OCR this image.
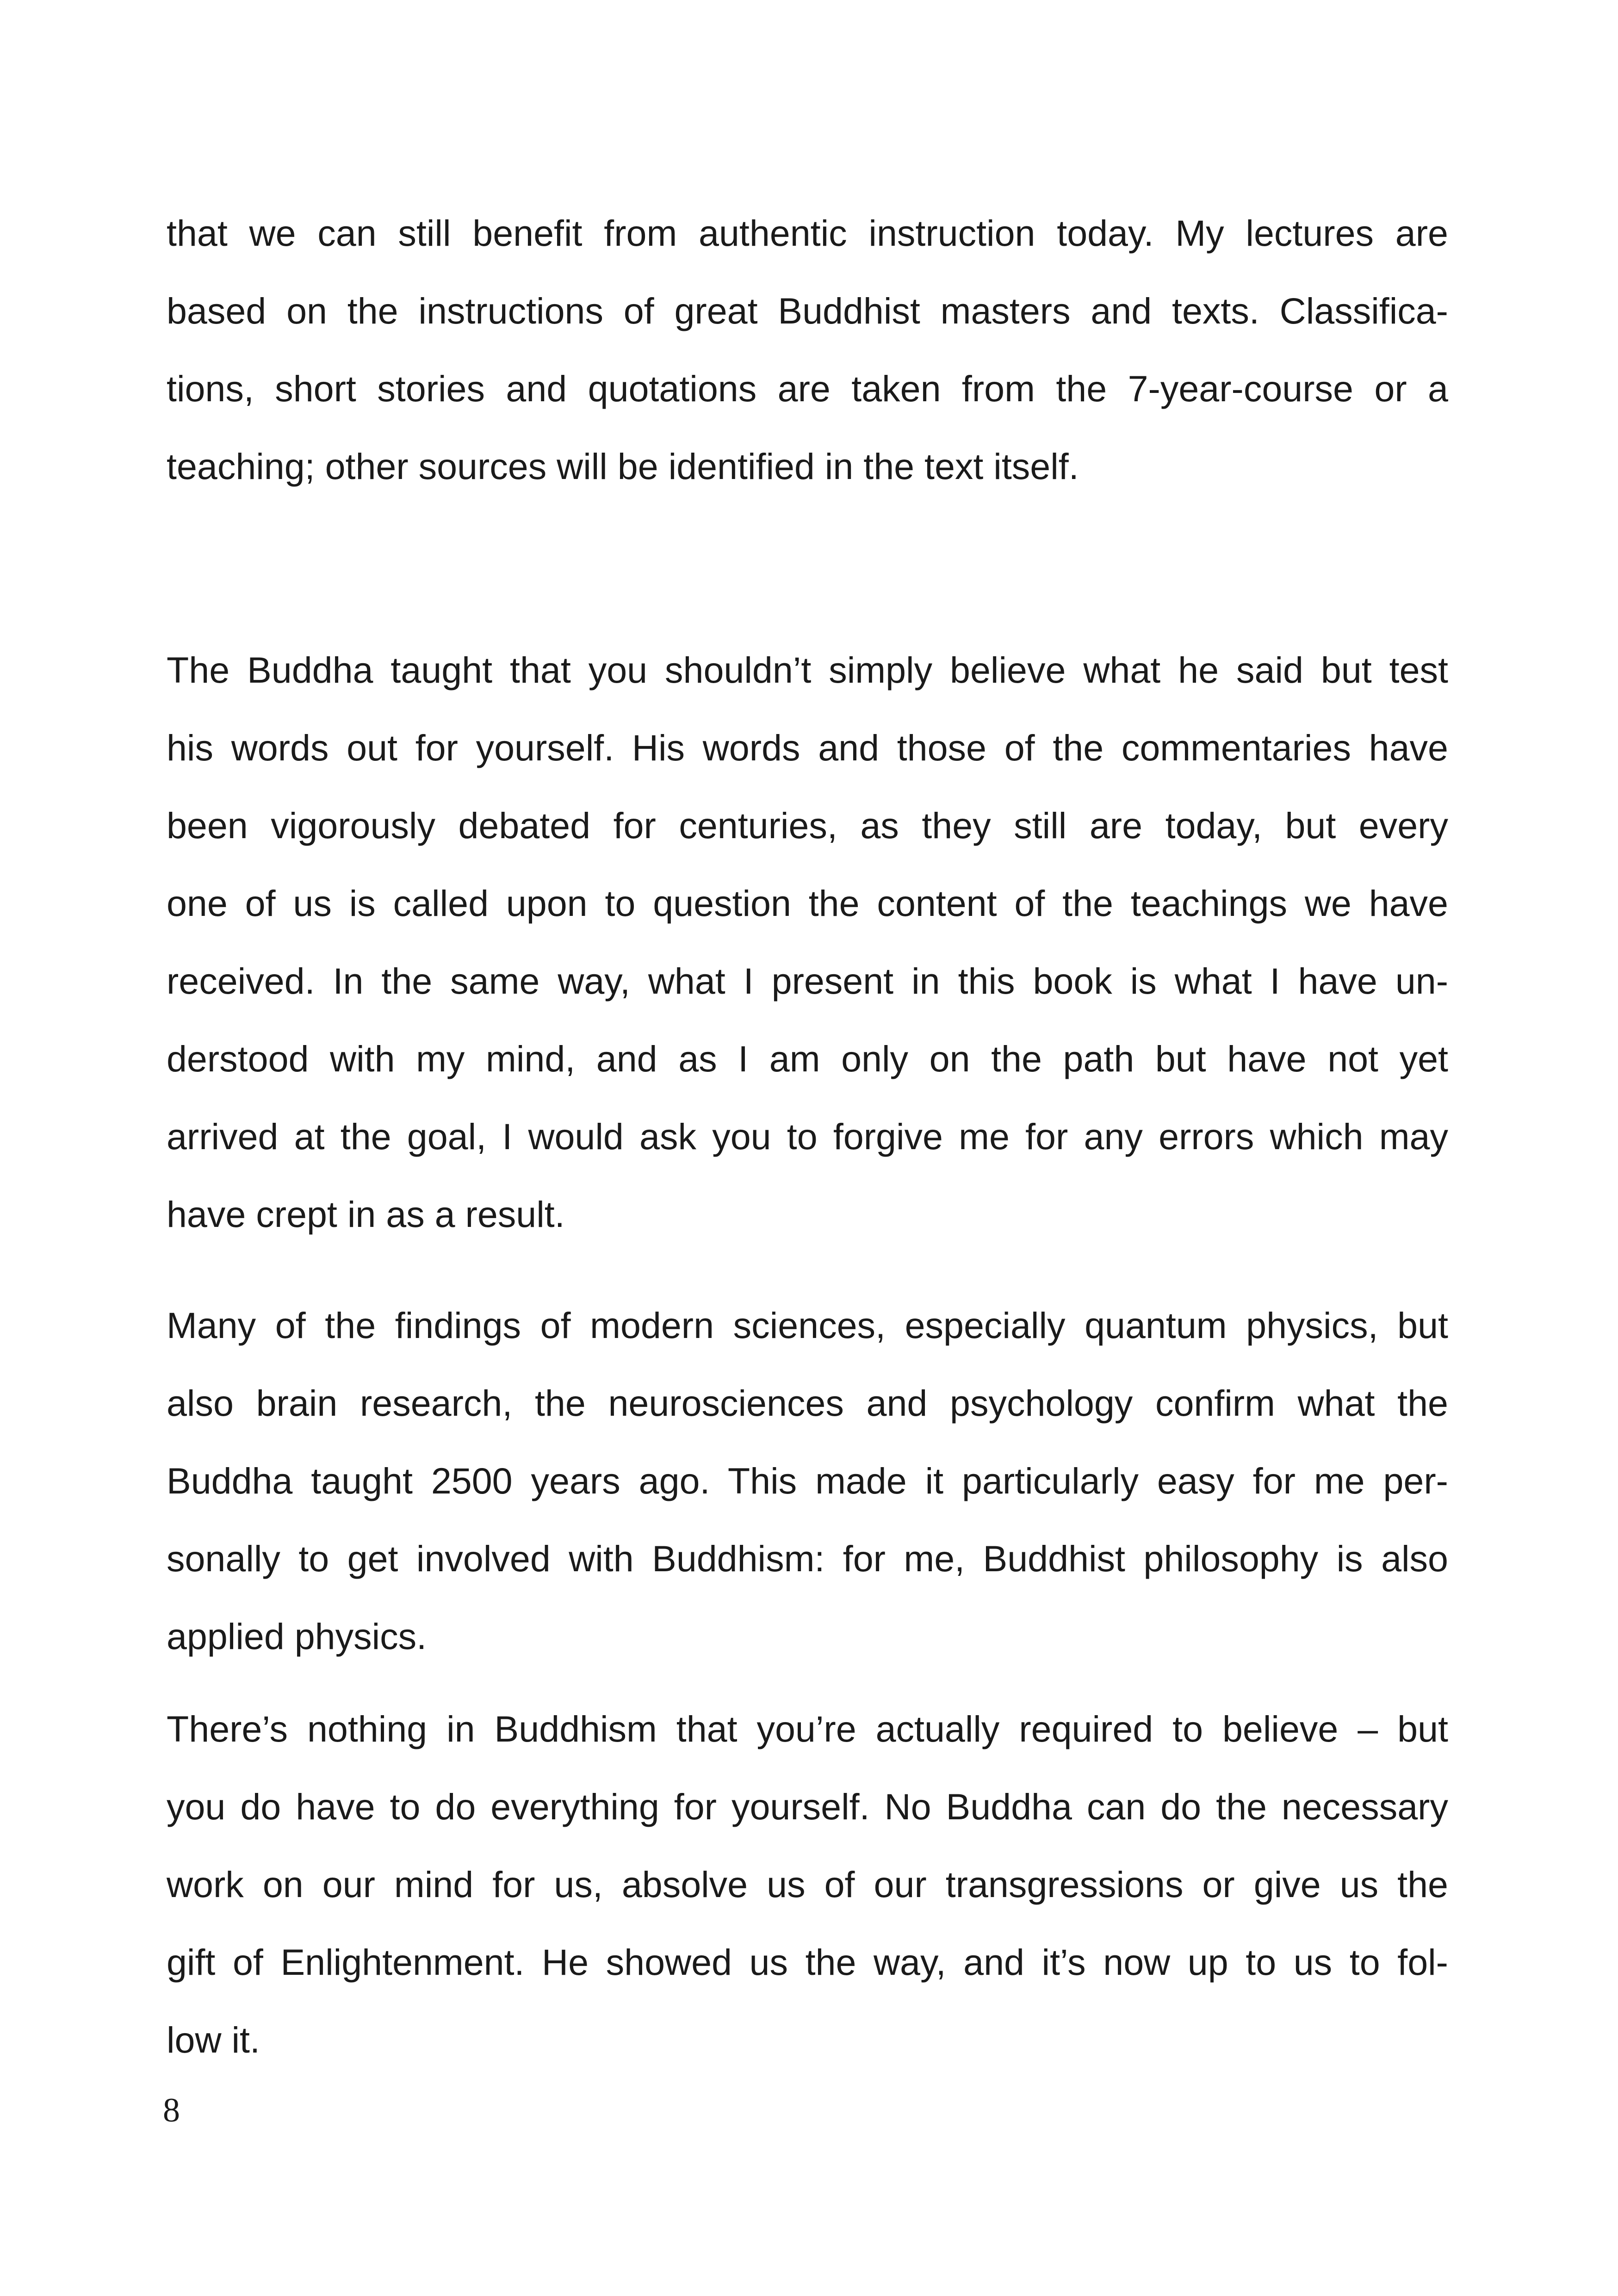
that we can still benefit from authentic instruction today. My lectures are
based on the instructions of great Buddhist masters and texts. Classifica-
tions, short stories and quotations are taken from the 7-year-course or a
teaching; other sources will be identified in the text itself.
The Buddha taught that you shouldn’t simply believe what he said but test
his words out for yourself. His words and those of the commentaries have
been vigorously debated for centuries, as they still are today, but every
one of us is called upon to question the content of the teachings we have
received. In the same way, what I present in this book is what I have un-
derstood with my mind, and as I am only on the path but have not yet
arrived at the goal, I would ask you to forgive me for any errors which may
have crept in as a result.
Many of the findings of modern sciences, especially quantum physics, but
also brain research, the neurosciences and psychology confirm what the
Buddha taught 2500 years ago. This made it particularly easy for me per-
sonally to get involved with Buddhism: for me, Buddhist philosophy is also
applied physics.
There’s nothing in Buddhism that you’re actually required to believe – but
you do have to do everything for yourself. No Buddha can do the necessary
work on our mind for us, absolve us of our transgressions or give us the
gift of Enlightenment. He showed us the way, and it’s now up to us to fol-
low it.
8
